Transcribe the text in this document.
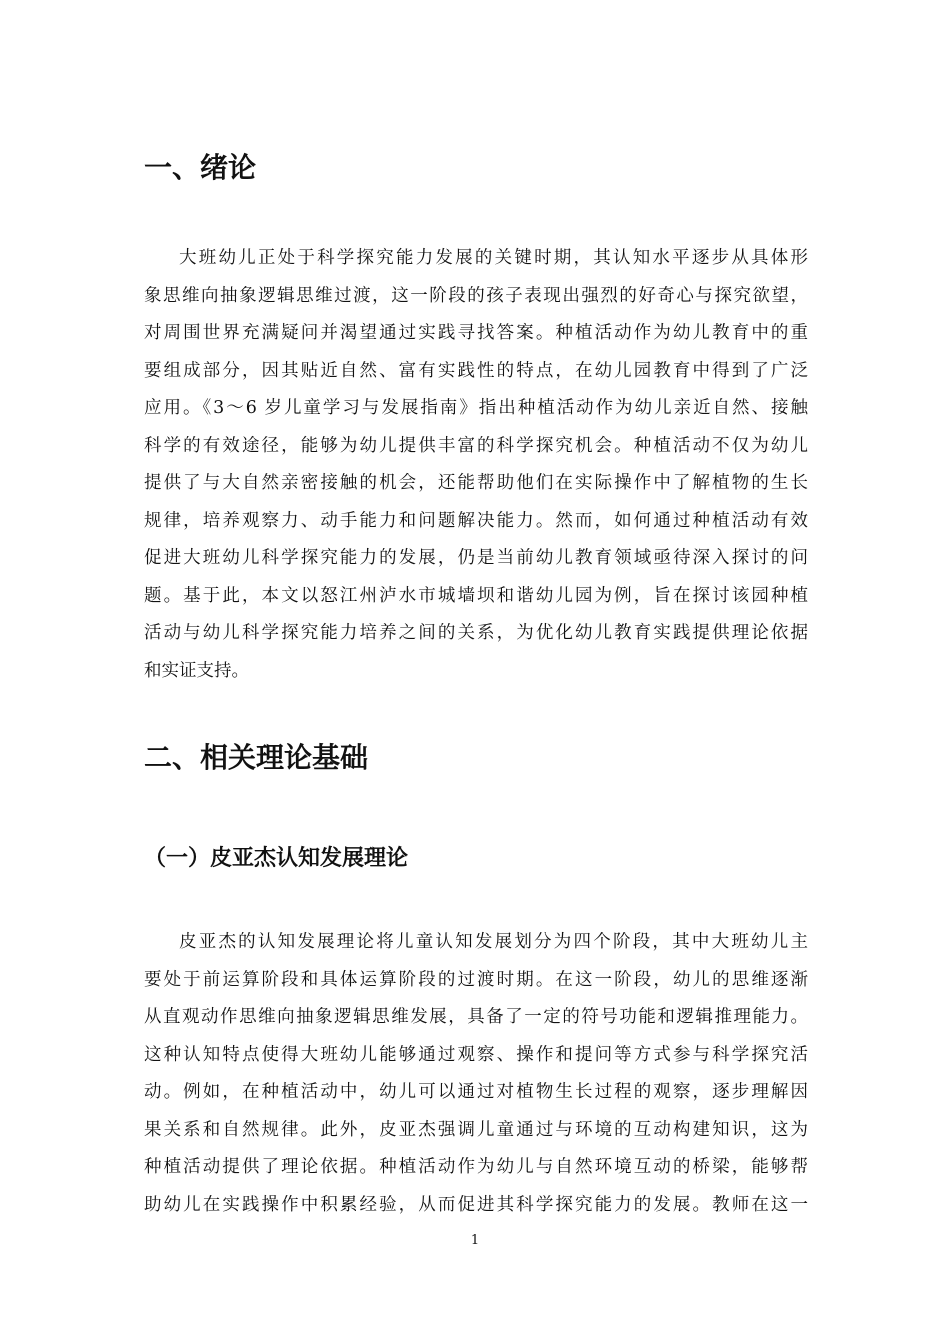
一、绪论
大班幼儿正处于科学探究能力发展的关键时期，其认知水平逐步从具体形
象思维向抽象逻辑思维过渡，这一阶段的孩子表现出强烈的好奇心与探究欲望，
对周围世界充满疑问并渴望通过实践寻找答案。种植活动作为幼儿教育中的重
要组成部分，因其贴近自然、富有实践性的特点，在幼儿园教育中得到了广泛
应用。《3～6 岁儿童学习与发展指南》指出种植活动作为幼儿亲近自然、接触
科学的有效途径，能够为幼儿提供丰富的科学探究机会。种植活动不仅为幼儿
提供了与大自然亲密接触的机会，还能帮助他们在实际操作中了解植物的生长
规律，培养观察力、动手能力和问题解决能力。然而，如何通过种植活动有效
促进大班幼儿科学探究能力的发展，仍是当前幼儿教育领域亟待深入探讨的问
题。基于此，本文以怒江州泸水市城墙坝和谐幼儿园为例，旨在探讨该园种植
活动与幼儿科学探究能力培养之间的关系，为优化幼儿教育实践提供理论依据
和实证支持。
二、相关理论基础
（一）皮亚杰认知发展理论
皮亚杰的认知发展理论将儿童认知发展划分为四个阶段，其中大班幼儿主
要处于前运算阶段和具体运算阶段的过渡时期。在这一阶段，幼儿的思维逐渐
从直观动作思维向抽象逻辑思维发展，具备了一定的符号功能和逻辑推理能力。
这种认知特点使得大班幼儿能够通过观察、操作和提问等方式参与科学探究活
动。例如，在种植活动中，幼儿可以通过对植物生长过程的观察，逐步理解因
果关系和自然规律。此外，皮亚杰强调儿童通过与环境的互动构建知识，这为
种植活动提供了理论依据。种植活动作为幼儿与自然环境互动的桥梁，能够帮
助幼儿在实践操作中积累经验，从而促进其科学探究能力的发展。教师在这一
1
